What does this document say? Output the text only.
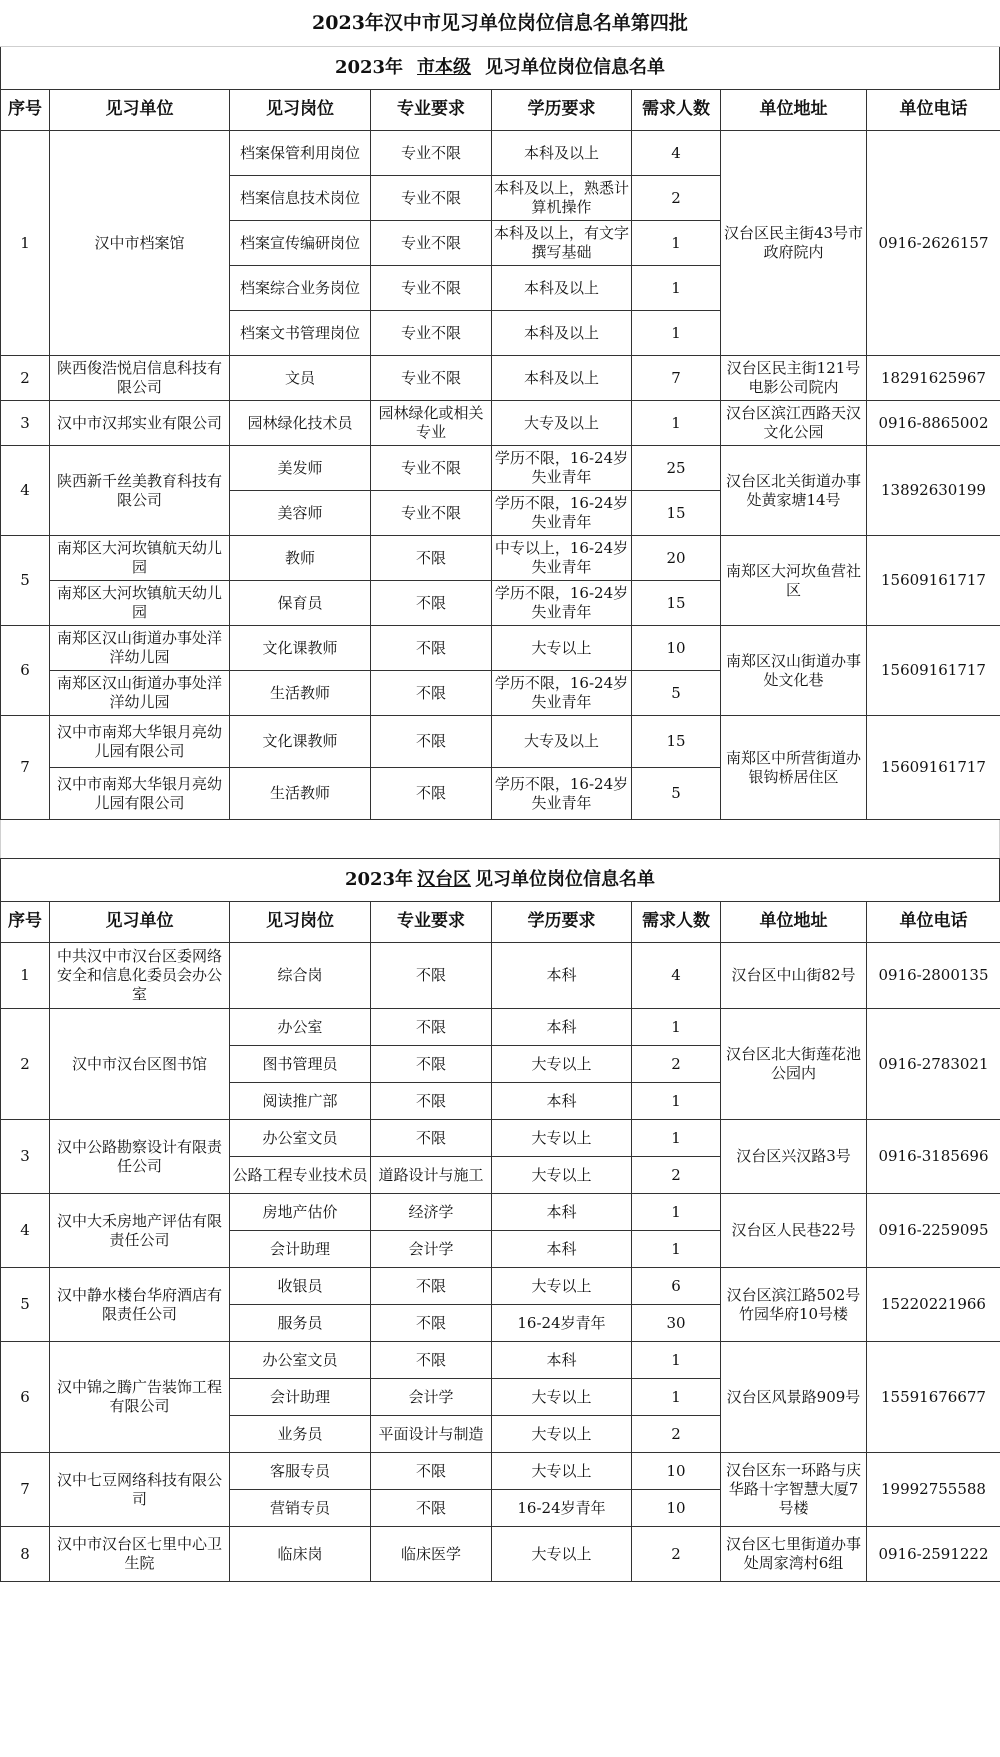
2023年汉中市见习单位岗位信息名单第四批
2023年 市本级 见习单位岗位信息名单
序号	见习单位	见习岗位	专业要求	学历要求	需求人数	单位地址	单位电话
1	汉中市档案馆	档案保管利用岗位	专业不限	本科及以上	4	汉台区民主街43号市政府院内	0916-2626157
		档案信息技术岗位	专业不限	本科及以上，熟悉计算机操作	2		
		档案宣传编研岗位	专业不限	本科及以上，有文字撰写基础	1		
		档案综合业务岗位	专业不限	本科及以上	1		
		档案文书管理岗位	专业不限	本科及以上	1		
2	陕西俊浩悦启信息科技有限公司	文员	专业不限	本科及以上	7	汉台区民主街121号电影公司院内	18291625967
3	汉中市汉邦实业有限公司	园林绿化技术员	园林绿化或相关专业	大专及以上	1	汉台区滨江西路天汉文化公园	0916-8865002
4	陕西新千丝美教育科技有限公司	美发师	专业不限	学历不限，16-24岁失业青年	25	汉台区北关街道办事处黄家塘14号	13892630199
		美容师	专业不限	学历不限，16-24岁失业青年	15		
5	南郑区大河坎镇航天幼儿园	教师	不限	中专以上，16-24岁失业青年	20	南郑区大河坎鱼营社区	15609161717
	南郑区大河坎镇航天幼儿园	保育员	不限	学历不限，16-24岁失业青年	15		
6	南郑区汉山街道办事处洋洋幼儿园	文化课教师	不限	大专以上	10	南郑区汉山街道办事处文化巷	15609161717
	南郑区汉山街道办事处洋洋幼儿园	生活教师	不限	学历不限，16-24岁失业青年	5		
7	汉中市南郑大华银月亮幼儿园有限公司	文化课教师	不限	大专及以上	15	南郑区中所营街道办银钩桥居住区	15609161717
	汉中市南郑大华银月亮幼儿园有限公司	生活教师	不限	学历不限，16-24岁失业青年	5		
2023年 汉台区 见习单位岗位信息名单
序号	见习单位	见习岗位	专业要求	学历要求	需求人数	单位地址	单位电话
1	中共汉中市汉台区委网络安全和信息化委员会办公室	综合岗	不限	本科	4	汉台区中山街82号	0916-2800135
2	汉中市汉台区图书馆	办公室	不限	本科	1	汉台区北大街莲花池公园内	0916-2783021
		图书管理员	不限	大专以上	2		
		阅读推广部	不限	本科	1		
3	汉中公路勘察设计有限责任公司	办公室文员	不限	大专以上	1	汉台区兴汉路3号	0916-3185696
		公路工程专业技术员	道路设计与施工	大专以上	2		
4	汉中大禾房地产评估有限责任公司	房地产估价	经济学	本科	1	汉台区人民巷22号	0916-2259095
		会计助理	会计学	本科	1		
5	汉中静水楼台华府酒店有限责任公司	收银员	不限	大专以上	6	汉台区滨江路502号竹园华府10号楼	15220221966
		服务员	不限	16-24岁青年	30		
6	汉中锦之腾广告装饰工程有限公司	办公室文员	不限	本科	1	汉台区风景路909号	15591676677
		会计助理	会计学	大专以上	1		
		业务员	平面设计与制造	大专以上	2		
7	汉中七豆网络科技有限公司	客服专员	不限	大专以上	10	汉台区东一环路与庆华路十字智慧大厦7号楼	19992755588
		营销专员	不限	16-24岁青年	10		
8	汉中市汉台区七里中心卫生院	临床岗	临床医学	大专以上	2	汉台区七里街道办事处周家湾村6组	0916-2591222
